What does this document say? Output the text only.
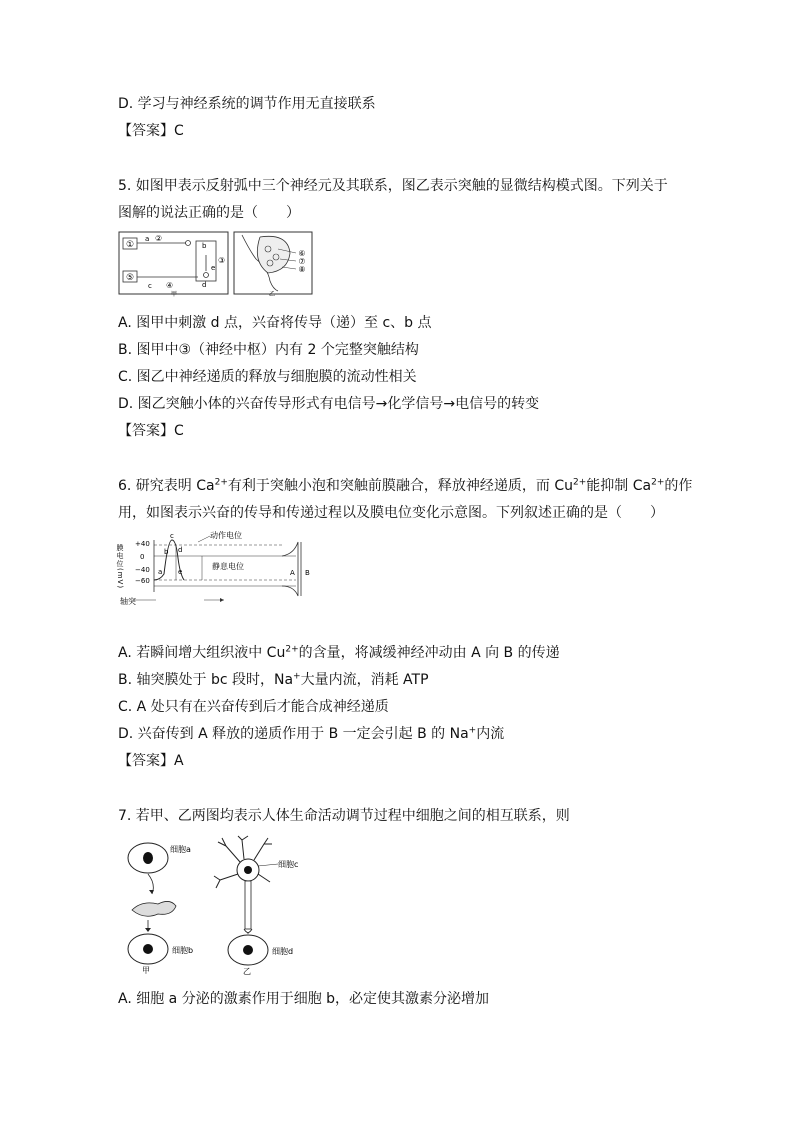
D. 学习与神经系统的调节作用无直接联系
【答案】C
5. 如图甲表示反射弧中三个神经元及其联系，图乙表示突触的显微结构模式图。下列关于
图解的说法正确的是（　　）
①
⑤
a ②
b
③
e
c ④	d
甲
⑥
⑦
⑧
乙
A. 图甲中刺激 d 点，兴奋将传导（递）至 c、b 点
B. 图甲中③（神经中枢）内有 2 个完整突触结构
C. 图乙中神经递质的释放与细胞膜的流动性相关
D. 图乙突触小体的兴奋传导形式有电信号→化学信号→电信号的转变
【答案】C
6. 研究表明 $Ca^{2+}$有利于突触小泡和突触前膜融合，释放神经递质，而 $Cu^{2+}$能抑制 $Ca^{2+}$的作
用，如图表示兴奋的传导和传递过程以及膜电位变化示意图。下列叙述正确的是（　　）
膜电位(mV) +40
0
−40
−60
动作电位
静息电位
b
c
d
a e	A B
轴突
A. 若瞬间增大组织液中 $Cu^{2+}$的含量，将减缓神经冲动由 A 向 B 的传递
B. 轴突膜处于 bc 段时，Na+大量内流，消耗 ATP
C. A 处只有在兴奋传到后才能合成神经递质
D. 兴奋传到 A 释放的递质作用于 B 一定会引起 B 的 Na+内流
【答案】A
7. 若甲、乙两图均表示人体生命活动调节过程中细胞之间的相互联系，则
细胞a
细胞b
甲
细胞c
细胞d
乙
A. 细胞 a 分泌的激素作用于细胞 b，必定使其激素分泌增加
